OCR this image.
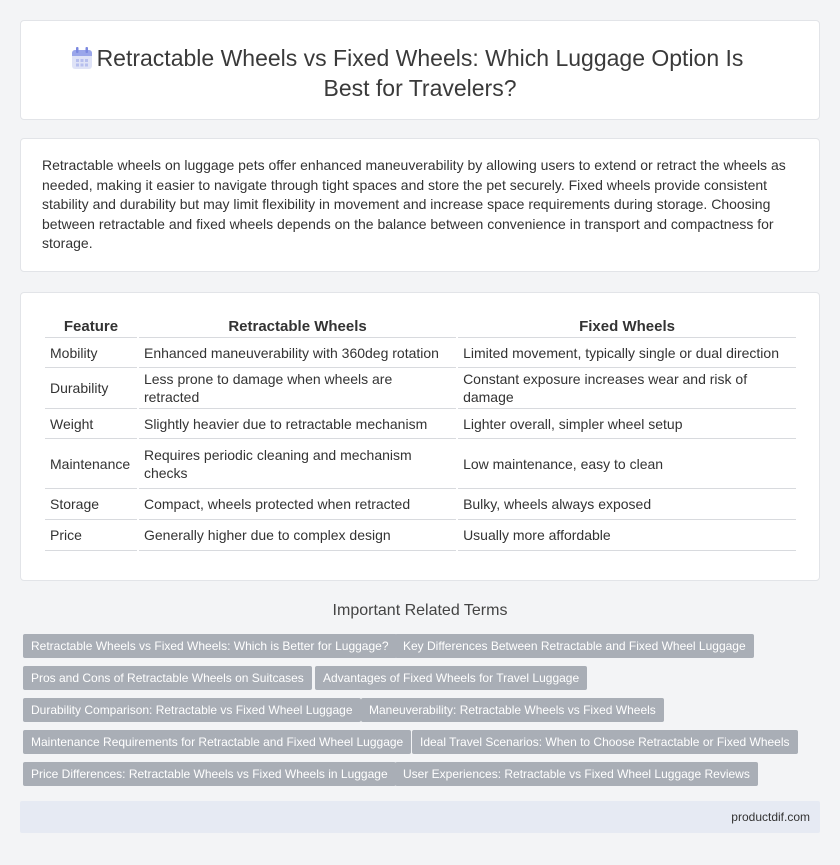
Retractable Wheels vs Fixed Wheels: Which Luggage Option Is
Best for Travelers?

Retractable wheels on luggage pets offer enhanced maneuverability by allowing users to extend or retract the wheels as needed, making it easier to navigate through tight spaces and store the pet securely. Fixed wheels provide consistent stability and durability but may limit flexibility in movement and increase space requirements during storage. Choosing between retractable and fixed wheels depends on the balance between convenience in transport and compactness for storage.

Feature	Retractable Wheels	Fixed Wheels
Mobility	Enhanced maneuverability with 360deg rotation	Limited movement, typically single or dual direction
Durability	Less prone to damage when wheels are retracted	Constant exposure increases wear and risk of damage
Weight	Slightly heavier due to retractable mechanism	Lighter overall, simpler wheel setup
Maintenance	Requires periodic cleaning and mechanism checks	Low maintenance, easy to clean
Storage	Compact, wheels protected when retracted	Bulky, wheels always exposed
Price	Generally higher due to complex design	Usually more affordable
Important Related Terms
Retractable Wheels vs Fixed Wheels: Which is Better for Luggage?	Key Differences Between Retractable and Fixed Wheel Luggage
Pros and Cons of Retractable Wheels on Suitcases	Advantages of Fixed Wheels for Travel Luggage
Durability Comparison: Retractable vs Fixed Wheel Luggage	Maneuverability: Retractable Wheels vs Fixed Wheels
Maintenance Requirements for Retractable and Fixed Wheel Luggage	Ideal Travel Scenarios: When to Choose Retractable or Fixed Wheels
Price Differences: Retractable Wheels vs Fixed Wheels in Luggage	User Experiences: Retractable vs Fixed Wheel Luggage Reviews
productdif.com
